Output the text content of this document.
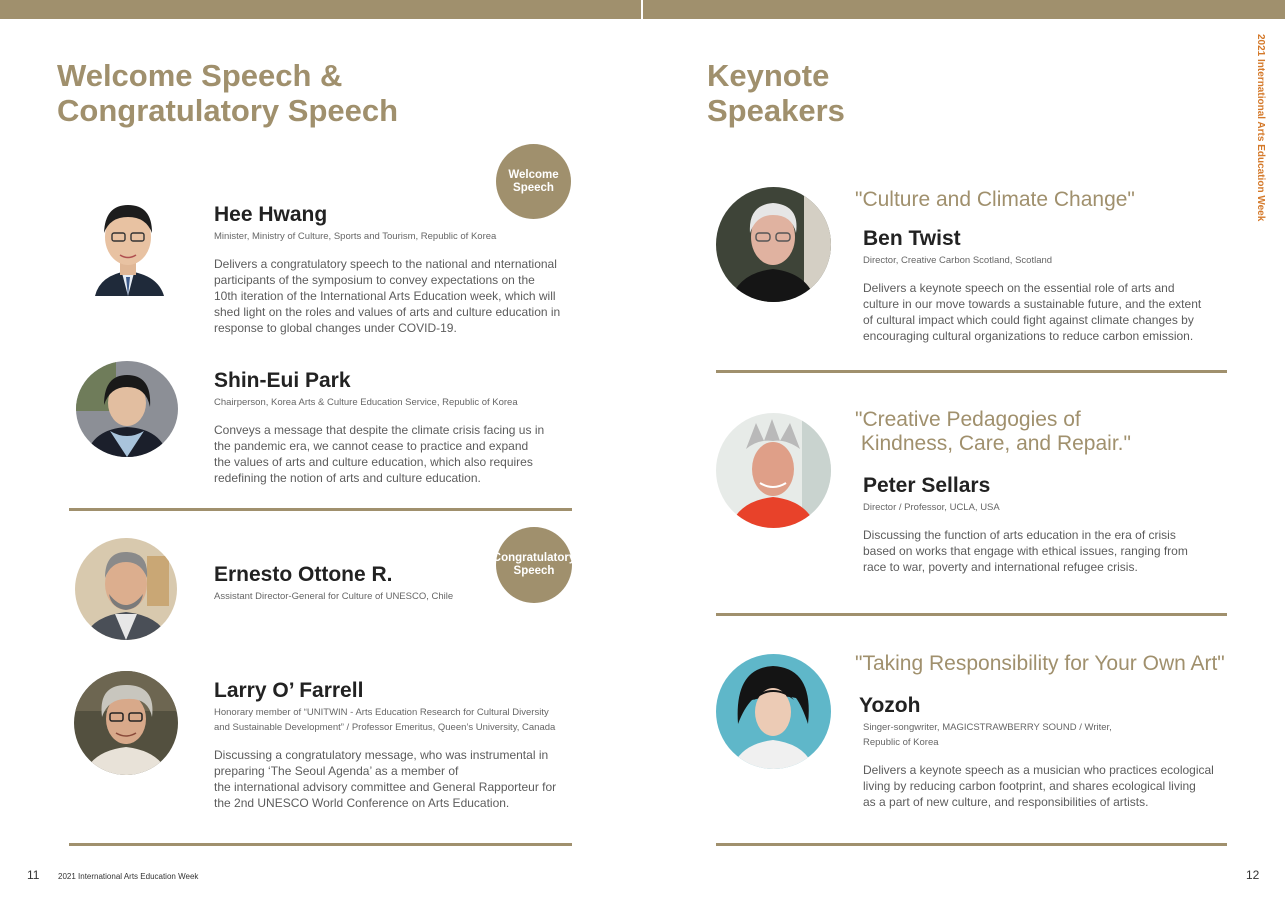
2021 International Arts Education Week
Welcome Speech &
Congratulatory Speech
Welcome
Speech
Hee Hwang
Minister, Ministry of Culture, Sports and Tourism, Republic of Korea
Delivers a congratulatory speech to the national and nternational
participants of the symposium to convey expectations on the
10th iteration of the International Arts Education week, which will
shed light on the roles and values of arts and culture education in
response to global changes under COVID-19.
Shin-Eui Park
Chairperson, Korea Arts & Culture Education Service, Republic of Korea
Conveys a message that despite the climate crisis facing us in
the pandemic era, we cannot cease to practice and expand
the values of arts and culture education, which also requires
redefining the notion of arts and culture education.
Congratulatory
Speech
Ernesto Ottone R.
Assistant Director-General for Culture of UNESCO, Chile
Larry O’ Farrell
Honorary member of “UNITWIN - Arts Education Research for Cultural Diversity
and Sustainable Development” / Professor Emeritus, Queen’s University, Canada
Discussing a congratulatory message, who was instrumental in
preparing ‘The Seoul Agenda’ as a member of
the international advisory committee and General Rapporteur for
the 2nd UNESCO World Conference on Arts Education.
Keynote
Speakers
"Culture and Climate Change"
Ben Twist
Director, Creative Carbon Scotland, Scotland
Delivers a keynote speech on the essential role of arts and
culture in our move towards a sustainable future, and the extent
of cultural impact which could fight against climate changes by
encouraging cultural organizations to reduce carbon emission.
"Creative Pedagogies of
Kindness, Care, and Repair."
Peter Sellars
Director / Professor, UCLA, USA
Discussing the function of arts education in the era of crisis
based on works that engage with ethical issues, ranging from
race to war, poverty and international refugee crisis.
"Taking Responsibility for Your Own Art"
Yozoh
Singer-songwriter, MAGICSTRAWBERRY SOUND / Writer,
Republic of Korea
Delivers a keynote speech as a musician who practices ecological
living by reducing carbon footprint, and shares ecological living
as a part of new culture, and responsibilities of artists.
11 2021 International Arts Education Week	12
